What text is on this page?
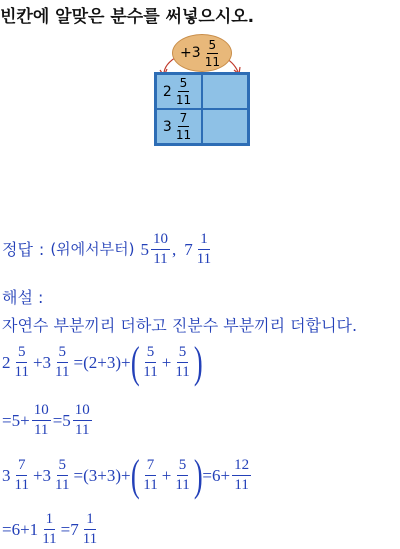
빈칸에 알맞은 분수를 써넣으시오.
+ $3 \frac{5}{11}$
$2 \frac{5}{11}$
$3 \frac{7}{11}$
정답 : (위에서부터) $5 \frac{10}{11}$ , $7 \frac{1}{11}$
해설 :
자연수 부분끼리 더하고 진분수 부분끼리 더합니다.
$2 \frac{5}{11} + 3 \frac{5}{11} = (2+3)$ + ( $\frac{5}{11} + \frac{5}{11}$ )
$=5+ \frac{10}{11} =5 \frac{10}{11}$
$3 \frac{7}{11} + 3 \frac{5}{11} = (3+3)$ + ( $\frac{7}{11} + \frac{5}{11}$ ) $=6+ \frac{12}{11}$
$=6+1 \frac{1}{11} =7 \frac{1}{11}$
